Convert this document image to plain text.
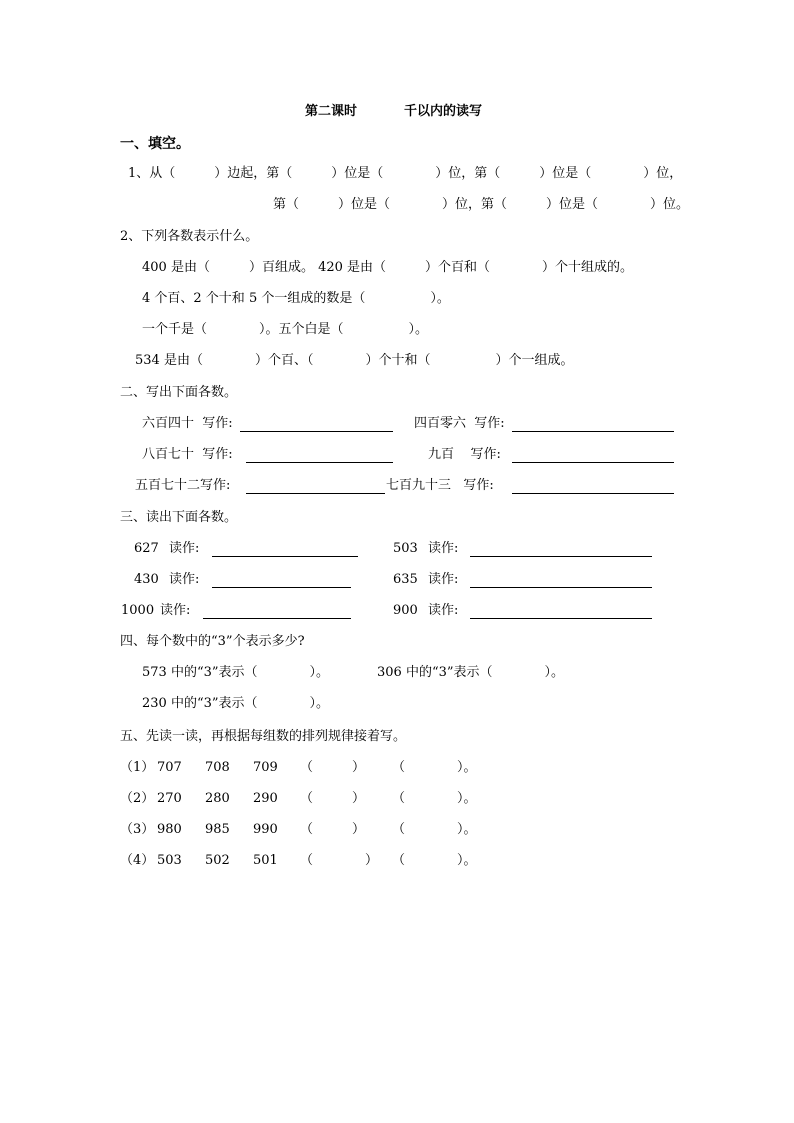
第二课时	千以内的读写
一、填空。
1、从（　　　）边起，第（　　　）位是（　　　　）位，第（　　　）位是（　　　　）位，
第（　　　）位是（　　　　）位，第（　　　）位是（　　　　）位。
2、下列各数表示什么。
400 是由（　　　）百组成。 420 是由（　　　）个百和（　　　　）个十组成的。
4 个百、2 个十和 5 个一组成的数是（　　　　　）。
一个千是（　　　　）。五个白是（　　　　　）。
534 是由（　　　　）个百、（　　　　）个十和（　　　　　）个一组成。
二、写出下面各数。
六百四十  写作:	四百零六  写作:
八百七十  写作:	九百    写作:
五百七十二写作:	七百九十三   写作:
三、读出下面各数。
627 读作:	503 读作:
430 读作:	635 读作:
1000 读作:	900 读作:
四、每个数中的“3”个表示多少?
573 中的“3”表示（　　　　）。	306 中的“3”表示（　　　　）。
230 中的“3”表示（　　　　）。
五、先读一读，再根据每组数的排列规律接着写。
（1） 707 708 709 （　　　） （　　　　）。
（2） 270 280 290 （　　　） （　　　　）。
（3） 980 985 990 （　　　） （　　　　）。
（4） 503 502 501 （　　　　） （　　　　）。
